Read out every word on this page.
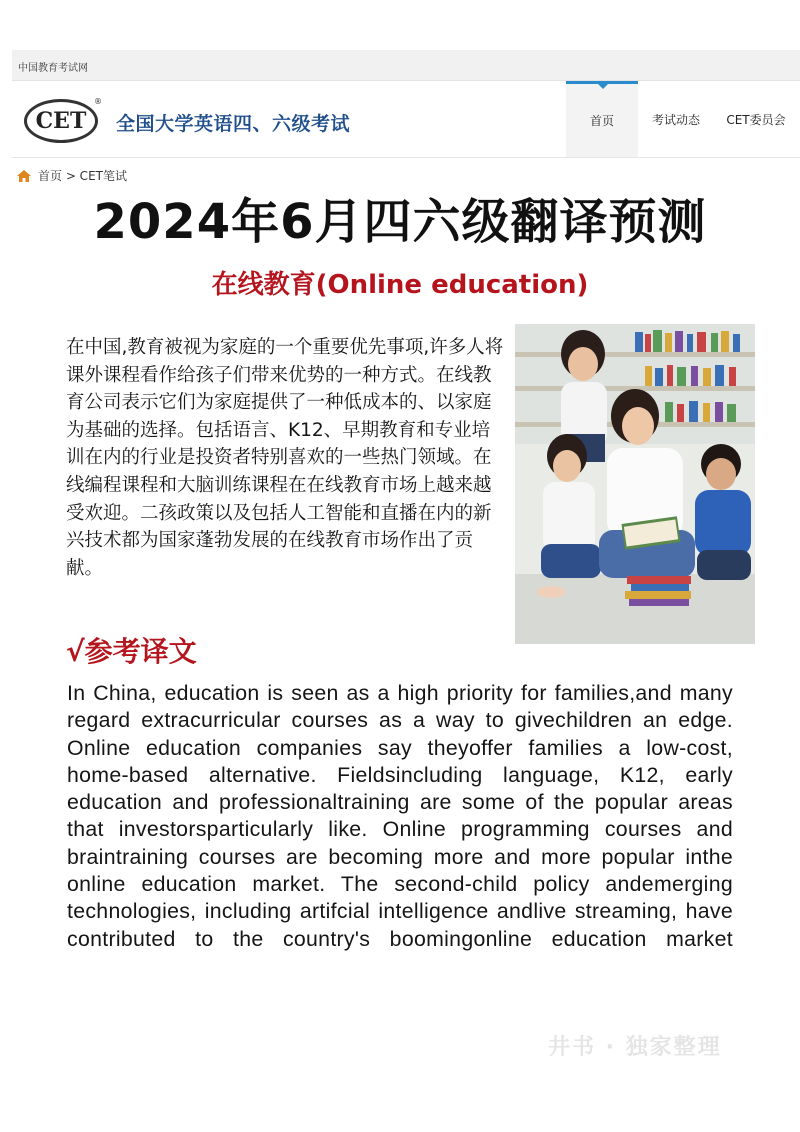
中国教育考试网
CET
®
全国大学英语四、六级考试	首页	考试动态 CET委员会
首页 > CET笔试
2024年6月四六级翻译预测
在线教育(Online education)

在中国,教育被视为家庭的一个重要优先事项,许多人将课外课程看作给孩子们带来优势的一种方式。在线教育公司表示它们为家庭提供了一种低成本的、以家庭为基础的选择。包括语言、K12、早期教育和专业培训在内的行业是投资者特别喜欢的一些热门领域。在线编程课程和大脑训练课程在在线教育市场上越来越受欢迎。二孩政策以及包括人工智能和直播在内的新兴技术都为国家蓬勃发展的在线教育市场作出了贡献。

√参考译文

In China, education is seen as a high priority for families,and many regard extracurricular courses as a way to givechildren an edge. Online education companies say theyoffer families a low-cost, home-based alternative. Fieldsincluding language, K12, early education and professionaltraining are some of the popular areas that investorsparticularly like. Online programming courses and braintraining courses are becoming more and more popular inthe online education market. The second-child policy andemerging technologies, including artifcial intelligence andlive streaming, have contributed to the country's boomingonline education market

井书 · 独家整理
